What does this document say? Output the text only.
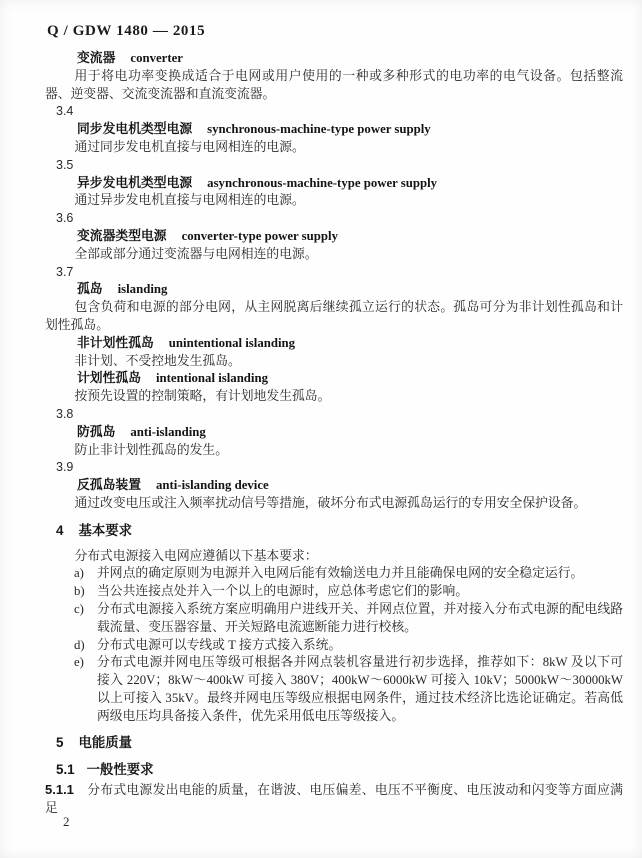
Q / GDW 1480 — 2015

变流器 converter

用于将电功率变换成适合于电网或用户使用的一种或多种形式的电功率的电气设备。包括整流器、逆变器、交流变流器和直流变流器。

3.4

同步发电机类型电源 synchronous-machine-type power supply

通过同步发电机直接与电网相连的电源。

3.5

异步发电机类型电源 asynchronous-machine-type power supply

通过异步发电机直接与电网相连的电源。

3.6

变流器类型电源 converter-type power supply

全部或部分通过变流器与电网相连的电源。

3.7

孤岛 islanding

包含负荷和电源的部分电网，从主网脱离后继续孤立运行的状态。孤岛可分为非计划性孤岛和计划性孤岛。

非计划性孤岛 unintentional islanding

非计划、不受控地发生孤岛。

计划性孤岛 intentional islanding

按预先设置的控制策略，有计划地发生孤岛。

3.8

防孤岛 anti-islanding

防止非计划性孤岛的发生。

3.9

反孤岛装置 anti-islanding device

通过改变电压或注入频率扰动信号等措施，破坏分布式电源孤岛运行的专用安全保护设备。

4 基本要求

分布式电源接入电网应遵循以下基本要求：

a) 并网点的确定原则为电源并入电网后能有效输送电力并且能确保电网的安全稳定运行。

b) 当公共连接点处并入一个以上的电源时，应总体考虑它们的影响。

c) 分布式电源接入系统方案应明确用户进线开关、并网点位置，并对接入分布式电源的配电线路载流量、变压器容量、开关短路电流遮断能力进行校核。

d) 分布式电源可以专线或 T 接方式接入系统。

e) 分布式电源并网电压等级可根据各并网点装机容量进行初步选择，推荐如下：8kW 及以下可接入 220V；8kW～400kW 可接入 380V；400kW～6000kW 可接入 10kV；5000kW～30000kW 以上可接入 35kV。最终并网电压等级应根据电网条件，通过技术经济比选论证确定。若高低两级电压均具备接入条件，优先采用低电压等级接入。

5 电能质量

5.1 一般性要求

5.1.1 分布式电源发出电能的质量，在谐波、电压偏差、电压不平衡度、电压波动和闪变等方面应满足

2
